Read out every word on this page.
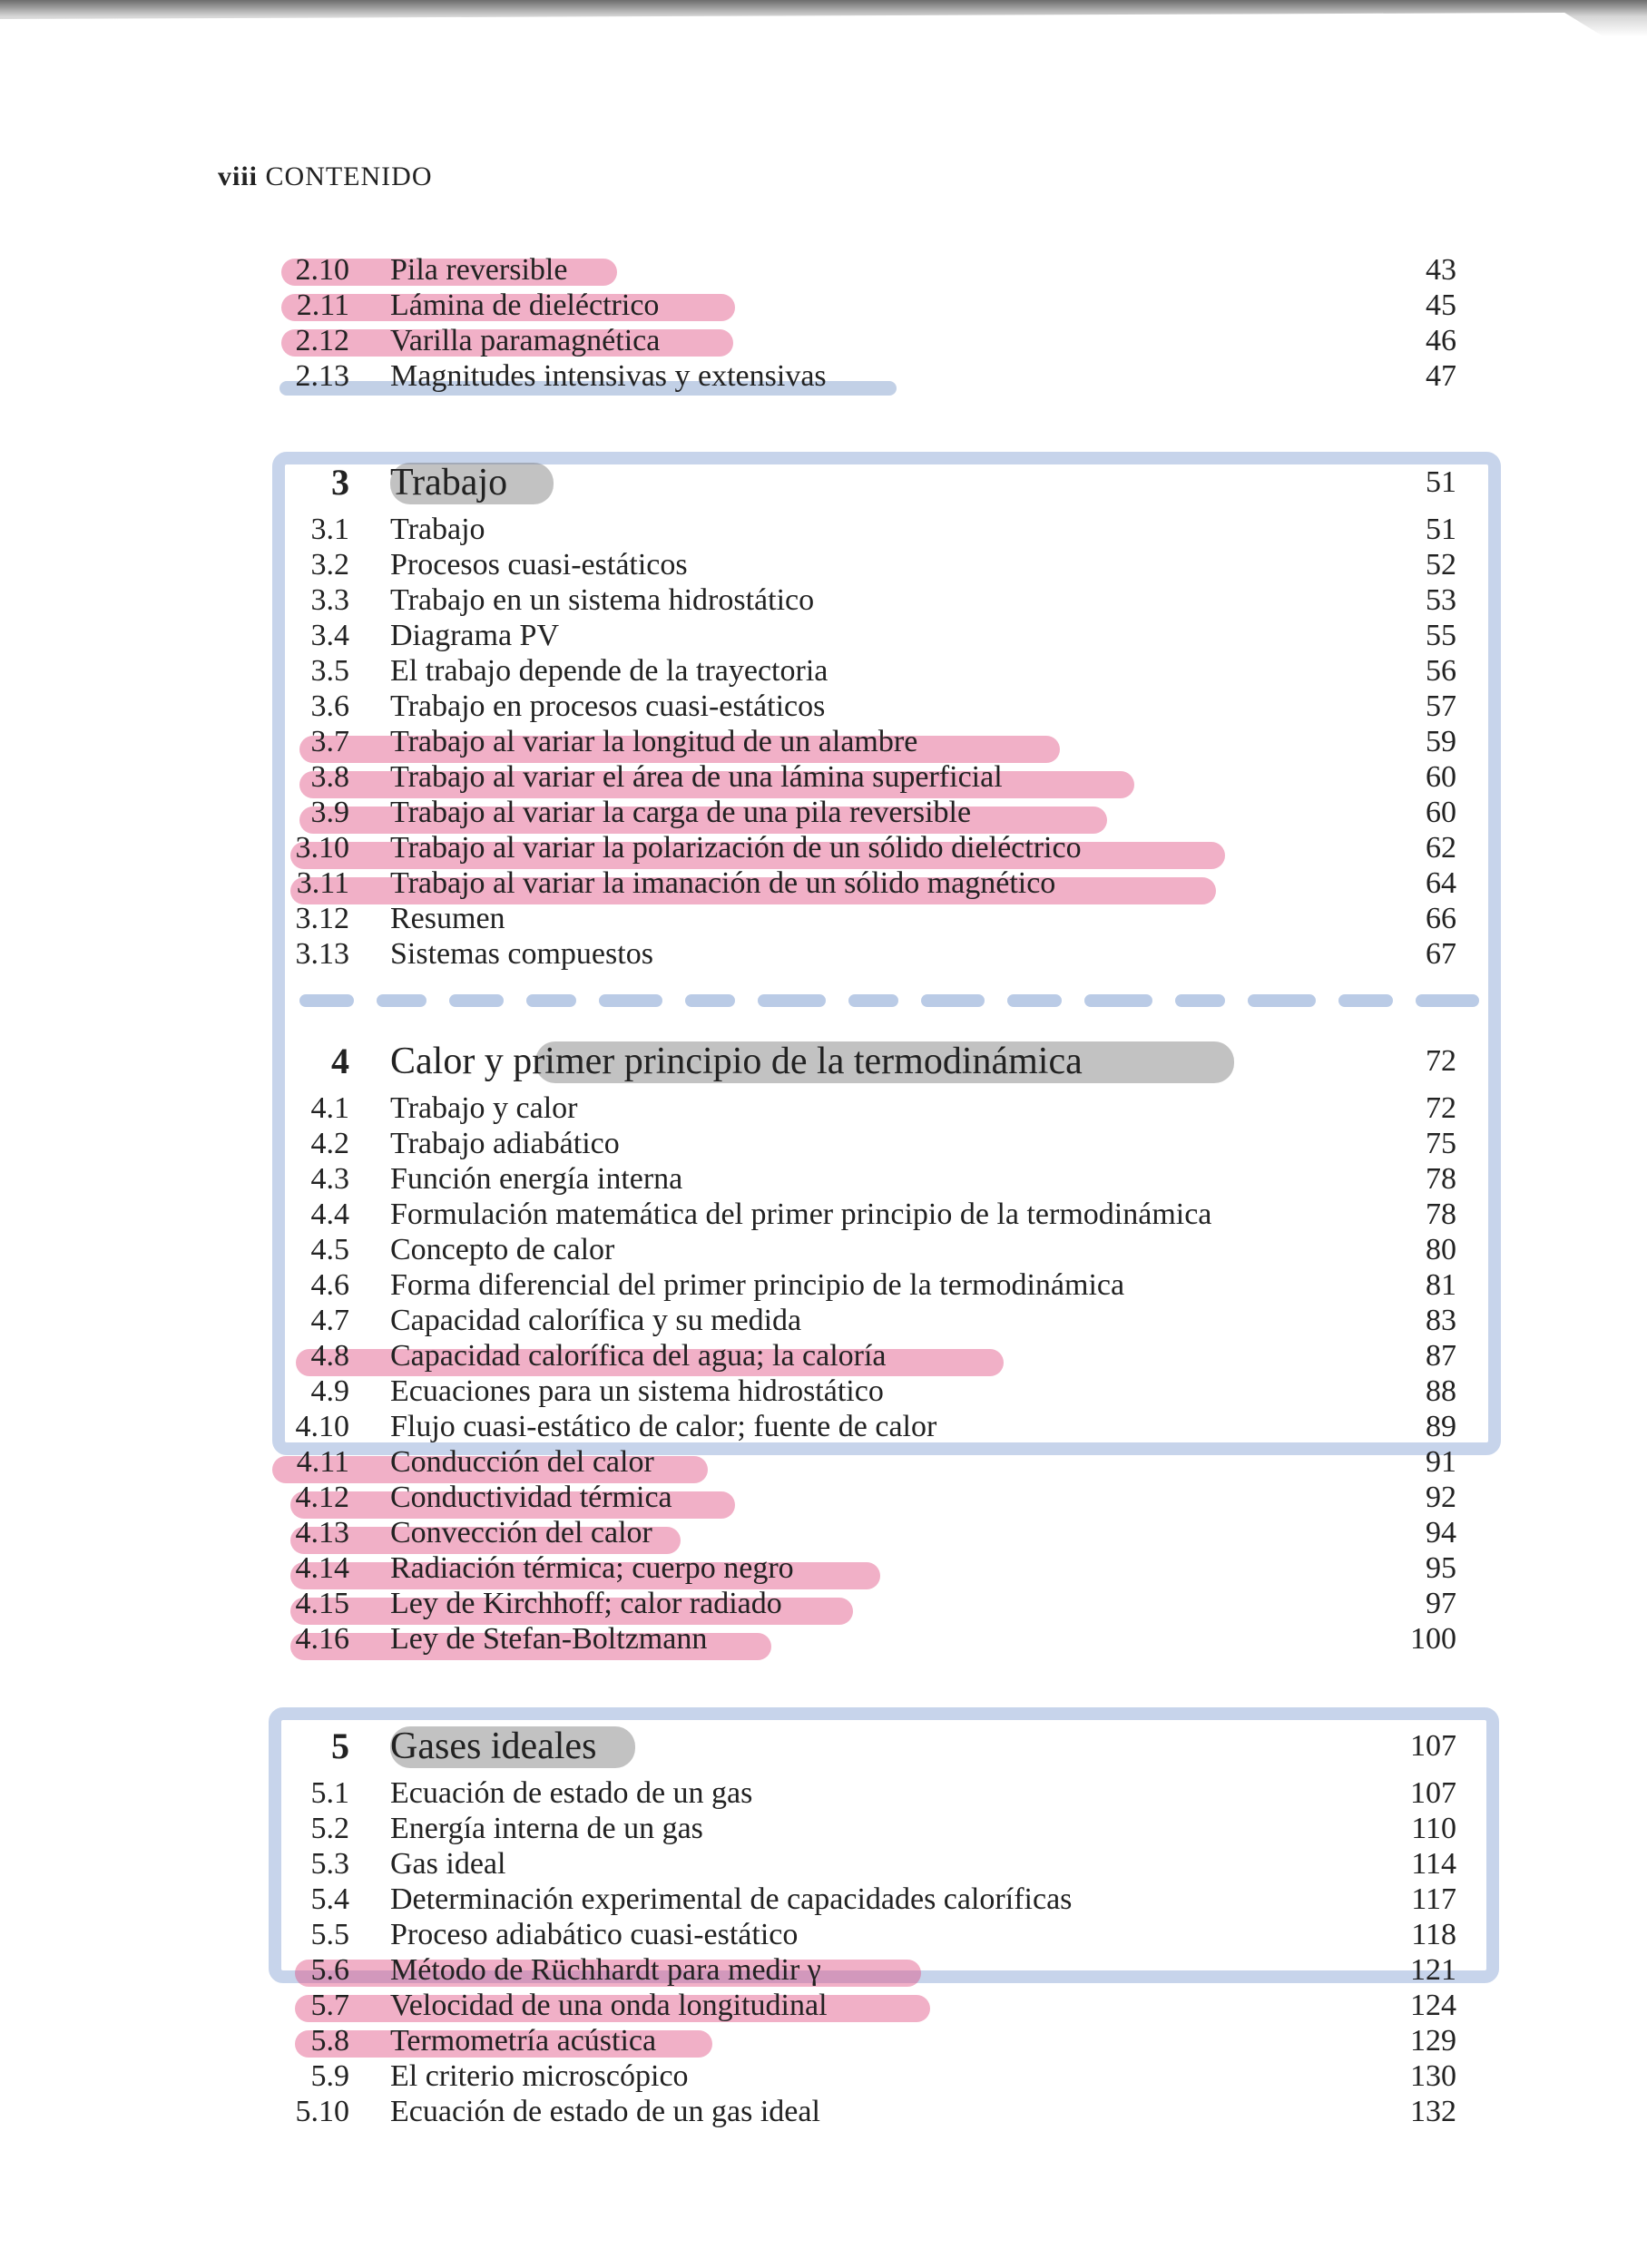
viii CONTENIDO
2.10 Pila reversible	43
2.11 Lámina de dieléctrico	45
2.12 Varilla paramagnética	46
2.13 Magnitudes intensivas y extensivas	47
3 Trabajo	51
3.1 Trabajo	51
3.2 Procesos cuasi-estáticos	52
3.3 Trabajo en un sistema hidrostático	53
3.4 Diagrama PV	55
3.5 El trabajo depende de la trayectoria	56
3.6 Trabajo en procesos cuasi-estáticos	57
3.7 Trabajo al variar la longitud de un alambre	59
3.8 Trabajo al variar el área de una lámina superficial	60
3.9 Trabajo al variar la carga de una pila reversible	60
3.10 Trabajo al variar la polarización de un sólido dieléctrico	62
3.11 Trabajo al variar la imanación de un sólido magnético	64
3.12 Resumen	66
3.13 Sistemas compuestos	67
4 Calor y primer principio de la termodinámica	72
4.1 Trabajo y calor	72
4.2 Trabajo adiabático	75
4.3 Función energía interna	78
4.4 Formulación matemática del primer principio de la termodinámica	78
4.5 Concepto de calor	80
4.6 Forma diferencial del primer principio de la termodinámica	81
4.7 Capacidad calorífica y su medida	83
4.8 Capacidad calorífica del agua; la caloría	87
4.9 Ecuaciones para un sistema hidrostático	88
4.10 Flujo cuasi-estático de calor; fuente de calor	89
4.11 Conducción del calor	91
4.12 Conductividad térmica	92
4.13 Convección del calor	94
4.14 Radiación térmica; cuerpo negro	95
4.15 Ley de Kirchhoff; calor radiado	97
4.16 Ley de Stefan-Boltzmann	100
5 Gases ideales	107
5.1 Ecuación de estado de un gas	107
5.2 Energía interna de un gas	110
5.3 Gas ideal	114
5.4 Determinación experimental de capacidades caloríficas	117
5.5 Proceso adiabático cuasi-estático	118
5.6 Método de Rüchhardt para medir γ	121
5.7 Velocidad de una onda longitudinal	124
5.8 Termometría acústica	129
5.9 El criterio microscópico	130
5.10 Ecuación de estado de un gas ideal	132
